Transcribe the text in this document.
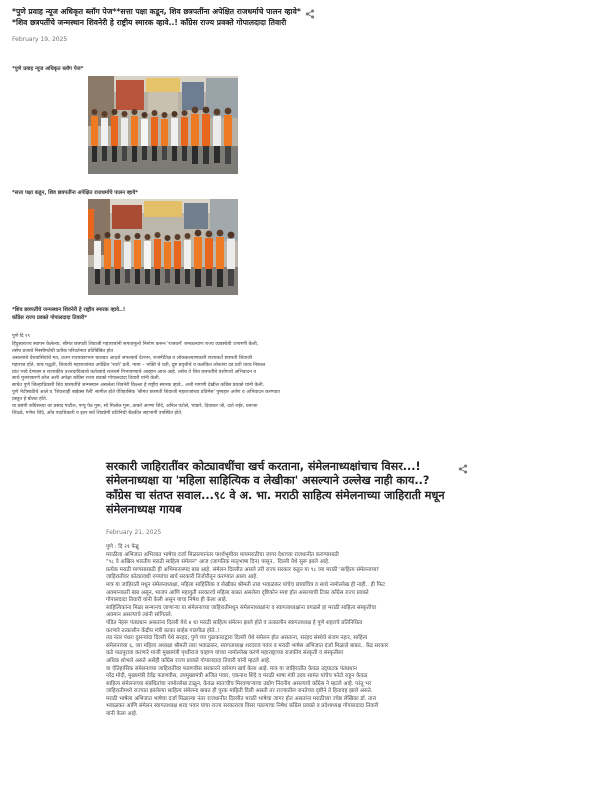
*पुणे प्रवाह न्यूज अधिकृत ब्लॉग पेज**सत्ता पक्षा कडून, शिव छत्रपतींना अपेक्षित राजधर्माचे पालन व्हावे* *शिव छत्रपतींचे जन्मस्थान शिवनेरी हे राष्ट्रीय स्मारक व्हावे..! काँग्रेस राज्य प्रवक्ते गोपालदादा तिवारी
February 19, 2025

*पुणे प्रवाह न्यूज अधिकृत ब्लॉग पेज*

*सत्ता पक्षा कडून, शिव छत्रपतींना अपेक्षित राजधर्माचे पालन व्हावे*

*शिव छत्रपतींचे जन्मस्थान शिवनेरी हे राष्ट्रीय स्मारक व्हावे..!

काँग्रेस राज्य प्रवक्ते गोपालदादा तिवारी*

पुणे दि १९

हिंदुस्वराज्य स्थापन केलेल्या, श्रीमंत छत्रपती शिवाजी महाराजांनी समतामूल्ये निर्माण करून 'राजधर्म' जनकल्याण राज्य व्यवस्थेची उभारणी केली,

तसेच प्रजाचे निस्सीमतेची प्रतीक परिवर्तनात प्रतिबिंबित होत

असल्याचे देशवासियांचे मत, उत्तम राज्यकारभार चालवत आदर्श जपल्याचे देशभर, राजनीतिज्ञ व लोककल्याणकारी राज्यकर्ते छत्रपती शिवाजी

महाराज होते. याच पद्धती, शिवाजी महाराजांच्या अपेक्षित 'रयते' प्रती, न्याय – भक्ति चे प्रती, दुष्ट प्रवृत्तीचे व कलंकित लोकांना दंड प्रती त्याच निकाल

प्रांत भावे देण्यास व राज्यकीय उत्तरदायित्वाचे कर्तव्यांचे राजधर्म निभावण्याचे आव्हान आज आहे. तसेच ते शिव छत्रपतींचे यशोगाथे अभिवादन व

सार्थ मुजराकरणे ठरेल अशी अपेक्षा काँग्रेस राज्य प्रवक्ते गोपालदादा तिवारी यांनी केली.

साधेत पुणे जिल्हाधिकारी शिव छत्रपतींचे जन्मस्थान असलेला शिवनेरी किल्ला हे राष्ट्रीय स्मारक व्हावे.. अशी मागणी देखील काँग्रेस प्रवक्ते यांनी केली.

पुणे भेटीसाठीचे आले व 'शिवशाही बाईक्स रॅली' सामील होते ऐतिहासिक 'श्रीमंत छत्रपती शिवाजी महाराजांच्या प्रतिमेस' पुष्पहार अर्पण व अभिवादन करण्यात

प्रस्तुत हे बोलत होते.

या प्रसंगी काँग्रेसच्या वर प्रसाद पाटील, पप्पू पेठ गुरू, सो मिलोल गुरू, ठाकरे अण्णा शिंदे, अनिल पटोले, भांडारे, दिवाकर जो, दाते राईर, धनाजा

शिंदळे, गणेश शिंदे, ओंड पदाधिकारी व इतर सर्व शिवप्रेमी प्रतिनिधी बैठकीत सहभागी उपस्थित होते.

सरकारी जाहिरातींवर कोट्यावधींचा खर्च करताना, संमेलनाध्यक्षांचाच विसर...! संमेलनाध्यक्षा या 'महिला साहित्यिक व लेखीका' असल्याने उल्लेख नाही काय..?काँग्रेस चा संतप्त सवाल...९८ वे अ. भा. मराठी साहित्य संमेलनाच्या जाहिराती मधून संमेलनाध्यक्ष गायब
February 21, 2025

पुणे : दि २१ फेब्रु

मराठीला अभिजात अभिजात भाषेचा दर्जा मिळाल्यानंतर पार्श्वभूमीवर मायमराठीचा जागर देशाच्या राजधानीत करण्यासाठी

"९८ वे अखिल भारतीय मराठी साहित्य संमेलन" आज (जागतिक मातृभाषा दिन) पासून.. दिल्ली येथे सुरू झाले आहे.

प्रत्येक मराठी माणसासाठी ही अभिमानास्पद बाब आहे. संमेलन दिल्लीत असले तरी राज्य सरकार कडून या ९८ व्या मराठी 'साहित्य संमेलनाच्या'

जाहिरातीवर कोट्यावधी रुपयांचा खर्च सरकारी तिजोरीतून करण्यात आला आहे.

मात्र या जाहिराती मधून संमेलनाध्यक्षा, महिला साहित्यिक व लेखीका श्रीमती तारा भवाळकर यांचेच छायाचित्र व साधे नामोल्लेख ही नाही.. ही फिट

अवमानकारी बाब असून, भाजप आणि महायुती सरकारचे महिला बाबत असलेला दृष्टिकोन स्पष्ट होत असल्याची टिका काँग्रेस राज्य प्रवक्ते

गोपालदादा तिवारी यांनी केली असून याचा निषेध ही केला आहे.

साहित्यिकांना मिळा सन्मानच जाणाऱ्या या संमेलनाच्या जाहिरातीमधून संमेलनाध्यक्षांना व स्वागताध्यक्षांना वगळले हा मराठी साहित्य संस्कृतीचा

अवमान असल्याचे त्यांनी सांगितले.

पंडित नेहरू पंतप्रधान असतांना दिल्ली येथे ४ था मराठी साहित्य संमेलन झाले होते व तत्कालीन स्वागताध्यक्ष हे पुणे शहराचे प्रतिनिधित्व

करणारे तत्कालीन केंद्रीय मंत्री काका साहेब गाडगीळ होते..!

त्या नंतर पंधरा दुसऱ्यांदा दिल्ली येथे सरहद, पुणे च्या पुढाकाराद्वारा दिल्ली येथे संमेलन होत असताना, सरहद संस्थेचे संजय नहार, साहित्य

संमेलनाच्या ६, व्या महिला अध्यक्षा श्रीमती तारा भवाळकर, स्वागताध्यक्ष शरदराव पवार व मराठी भाषेस अभिजात दर्जा मिळाले बाबत.. केंद्र सरकार

कडे पाठपुरावा करणारे माजी मुख्यमंत्री पृथ्वीराज चव्हाण यांच्या नामोल्लेख करणे महाराष्ट्राच्या राजकीय संस्कृती व संस्कृतीला

अधिक शोभले असते असेही काँग्रेस राज्य प्रवक्ते गोपालदादा तिवारी यांनी म्हटले आहे.

या ऐतिहासिक संमेलनाच्या जाहिरातींवर फडणवीस सरकारने वारेमाप खर्च केला आहे. मात्र या जाहिरातींत केवळ उद्‌घाटक पंतप्रधान

नरेंद्र मोदी, मुख्यमंत्री देवेंद्र फडणवीस, उपमुख्यमंत्री अजित पवार, एकनाथ शिंदे व मराठी भाषा मंत्री उदय सामंत यांचेच फोटो राहून केवळ

साहित्य संमेलनाच्या संबंधितांचा नामोल्लेख टाळून, केवळ स्वतःचीच मिरवणाऱ्याचा उद्योग निंदनीय असल्याचे काँग्रेस ने म्हटले आहे. परंतु भर

जाहिरातीमध्ये राज्यात झालेल्या साहित्य संमेलना बाबत ही पूरक माहिती दिली असती तर राज्यातील जनतेच्या दृष्टीने ते हितावह झाले असते.

मराठी भाषेला अभिजात भाषेचा दर्जा मिळाल्या नंतर राजधानीत दिल्लीत मराठी भाषेचा जागर होत असतांना मराठीच्या ज्येष्ठ लेखिका डॉ. तारा

भवाळकर आणि संमेलन स्वागताध्यक्ष शरद पवार यांचा राज्य सरकाराला विसर पडल्याचा निषेध काँग्रेस प्रवक्ते व प्रदेशाध्यक्ष गोपालदादा तिवारी

यांनी केला आहे.
